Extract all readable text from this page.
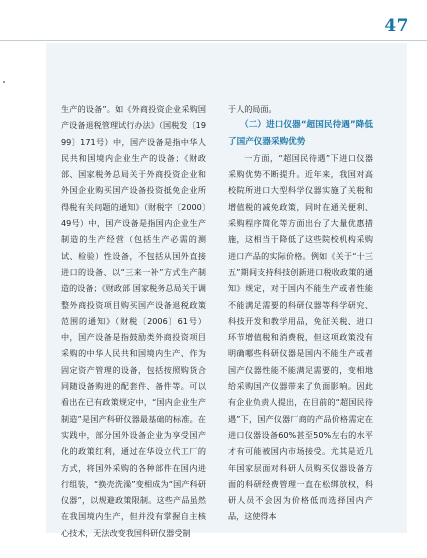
47

生产的设备”。如《外商投资企业采购国产设备退税管理试行办法》（国税发〔1999〕171号）中，国产设备是指中华人民共和国境内企业生产的设备；《财政部、国家税务总局关于外商投资企业和外国企业购买国产设备投资抵免企业所得税有关问题的通知》（财税字〔2000〕49号）中，国产设备是指国内企业生产制造的生产经营（包括生产必需的测试、检验）性设备，不包括从国外直接进口的设备、以“三来一补”方式生产制造的设备；《财政部 国家税务总局关于调整外商投资项目购买国产设备退税政策范围的通知》（财税〔2006〕61号）中，国产设备是指鼓励类外商投资项目采购的中华人民共和国境内生产、作为固定资产管理的设备，包括按照购货合同随设备购进的配套件、备件等。可以看出在已有政策规定中，“国内企业生产制造”是国产科研仪器最基础的标准。在实践中，部分国外设备企业为享受国产化的政策红利，通过在华设立代工厂的方式，将国外采购的各种部件在国内进行组装，“换壳洗澡”变相成为“国产科研仪器”，以规避政策限制。这些产品虽然在我国境内生产，但并没有掌握自主核心技术，无法改变我国科研仪器受制

于人的局面。

（二）进口仪器“超国民待遇”降低了国产仪器采购优势

一方面，“超国民待遇”下进口仪器采购优势不断提升。近年来，我国对高校院所进口大型科学仪器实施了关税和增值税的减免政策，同时在通关便利、采购程序简化等方面出台了大量优惠措施，这相当于降低了这些院校机构采购进口产品的实际价格。例如《关于“十三五”期间支持科技创新进口税收政策的通知》规定，对于国内不能生产或者性能不能满足需要的科研仪器等科学研究、科技开发和教学用品，免征关税、进口环节增值税和消费税，但这项政策没有明确哪些科研仪器是国内不能生产或者国产仪器性能不能满足需要的，变相地给采购国产仪器带来了负面影响。因此有企业负责人提出，在目前的“超国民待遇”下，国产仪器厂商的产品价格需定在进口仪器设备60%甚至50%左右的水平才有可能被国内市场接受。尤其是近几年国家层面对科研人员购买仪器设备方面的科研经费管理一直在松绑放权，科研人员不会因为价格低而选择国内产品，这使得本
